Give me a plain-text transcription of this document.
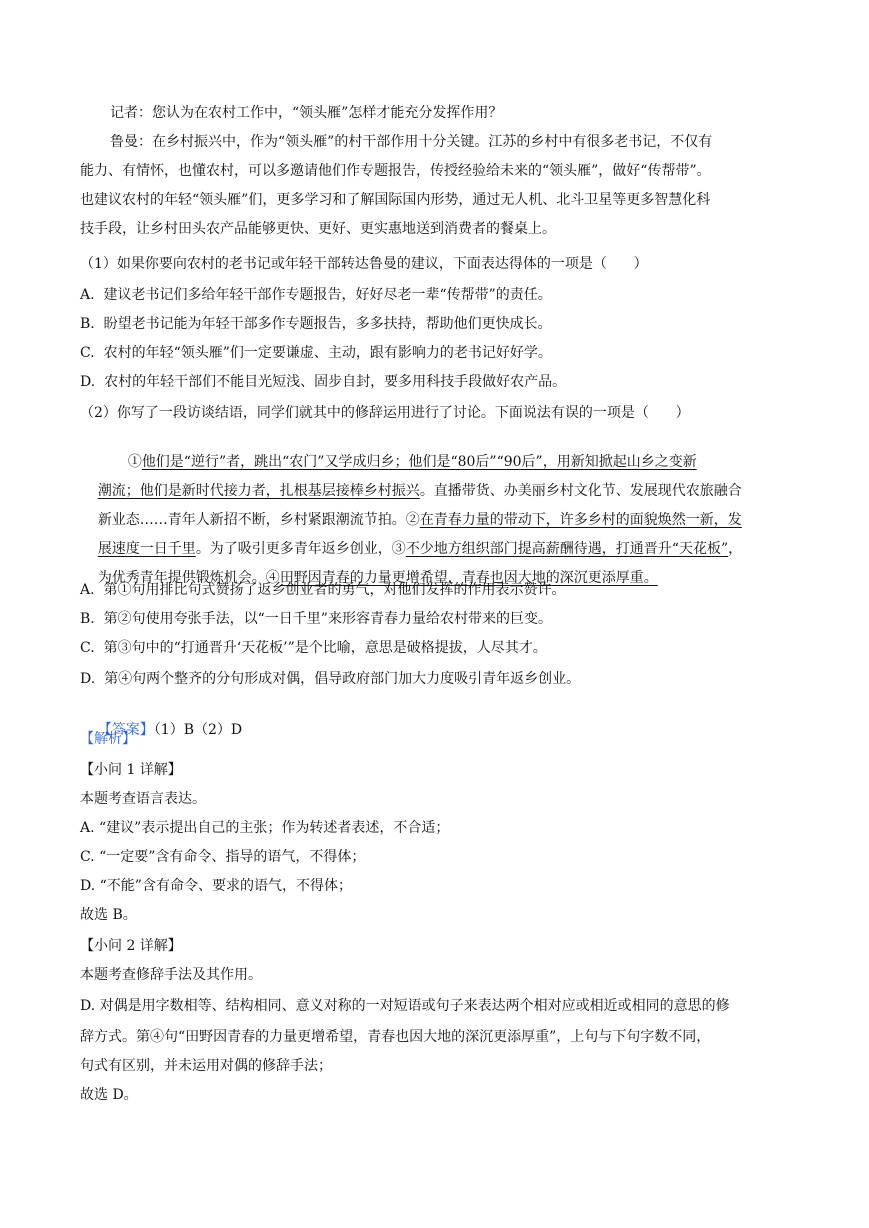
记者：您认为在农村工作中，“领头雁”怎样才能充分发挥作用？
鲁曼：在乡村振兴中，作为“领头雁”的村干部作用十分关键。江苏的乡村中有很多老书记，不仅有
能力、有情怀，也懂农村，可以多邀请他们作专题报告，传授经验给未来的“领头雁”，做好“传帮带”。
也建议农村的年轻“领头雁”们，更多学习和了解国际国内形势，通过无人机、北斗卫星等更多智慧化科
技手段，让乡村田头农产品能够更快、更好、更实惠地送到消费者的餐桌上。
（1）如果你要向农村的老书记或年轻干部转达鲁曼的建议，下面表达得体的一项是（      ）
A.  建议老书记们多给年轻干部作专题报告，好好尽老一辈“传帮带”的责任。
B.  盼望老书记能为年轻干部多作专题报告，多多扶持，帮助他们更快成长。
C.  农村的年轻“领头雁”们一定要谦虚、主动，跟有影响力的老书记好好学。
D.  农村的年轻干部们不能目光短浅、固步自封，要多用科技手段做好农产品。
（2）你写了一段访谈结语，同学们就其中的修辞运用进行了讨论。下面说法有误的一项是（      ）

①他们是“逆行”者，跳出“农门”又学成归乡；他们是“80后”“90后”，用新知掀起山乡之变新

潮流；他们是新时代接力者，扎根基层接棒乡村振兴。直播带货、办美丽乡村文化节、发展现代农旅融合

新业态……青年人新招不断，乡村紧跟潮流节拍。②在青春力量的带动下，许多乡村的面貌焕然一新，发

展速度一日千里。为了吸引更多青年返乡创业，③不少地方组织部门提高薪酬待遇，打通晋升“天花板”，

为优秀青年提供锻炼机会。④田野因青春的力量更增希望，青春也因大地的深沉更添厚重。

A.  第①句用排比句式赞扬了返乡创业者的勇气，对他们发挥的作用表示赞许。
B.  第②句使用夸张手法，以“一日千里”来形容青春力量给农村带来的巨变。
C.  第③句中的“打通晋升‘天花板’”是个比喻，意思是破格提拔，人尽其才。
D.  第④句两个整齐的分句形成对偶，倡导政府部门加大力度吸引青年返乡创业。

【答案】（1）B（2）D

【解析】
【小问 1 详解】
本题考查语言表达。
A. “建议”表示提出自己的主张；作为转述者表述，不合适；
C. “一定要”含有命令、指导的语气，不得体；
D. “不能”含有命令、要求的语气，不得体；
故选 B。
【小问 2 详解】
本题考查修辞手法及其作用。
D. 对偶是用字数相等、结构相同、意义对称的一对短语或句子来表达两个相对应或相近或相同的意思的修
辞方式。第④句“田野因青春的力量更增希望，青春也因大地的深沉更添厚重”，上句与下句字数不同，
句式有区别，并未运用对偶的修辞手法；
故选 D。
